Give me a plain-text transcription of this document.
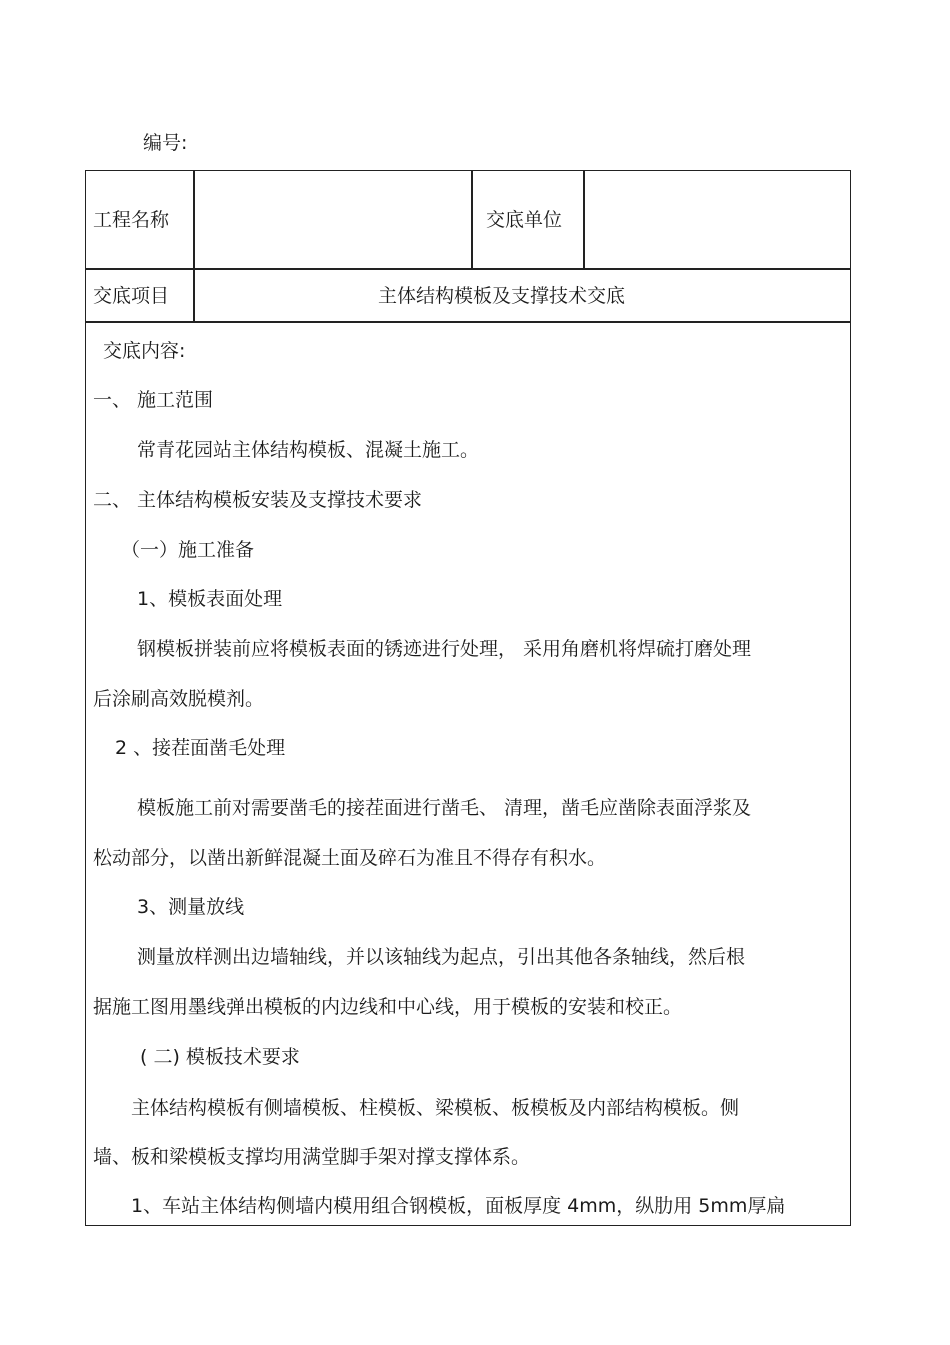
编号:
工程名称	交底单位
交底项目	主体结构模板及支撑技术交底
交底内容:
一、 施工范围
常青花园站主体结构模板、混凝土施工。
二、 主体结构模板安装及支撑技术要求
（一）施工准备
1、模板表面处理
钢模板拼装前应将模板表面的锈迹进行处理， 采用角磨机将焊硫打磨处理
后涂刷高效脱模剂。
2 、接茬面凿毛处理
模板施工前对需要凿毛的接茬面进行凿毛、 清理，凿毛应凿除表面浮浆及
松动部分，以凿出新鲜混凝土面及碎石为准且不得存有积水。
3、测量放线
测量放样测出边墙轴线，并以该轴线为起点，引出其他各条轴线，然后根
据施工图用墨线弹出模板的内边线和中心线，用于模板的安装和校正。
( 二) 模板技术要求
主体结构模板有侧墙模板、柱模板、梁模板、板模板及内部结构模板。侧
墙、板和梁模板支撑均用满堂脚手架对撑支撑体系。
1、车站主体结构侧墙内模用组合钢模板，面板厚度 4mm，纵肋用 5mm厚扁
